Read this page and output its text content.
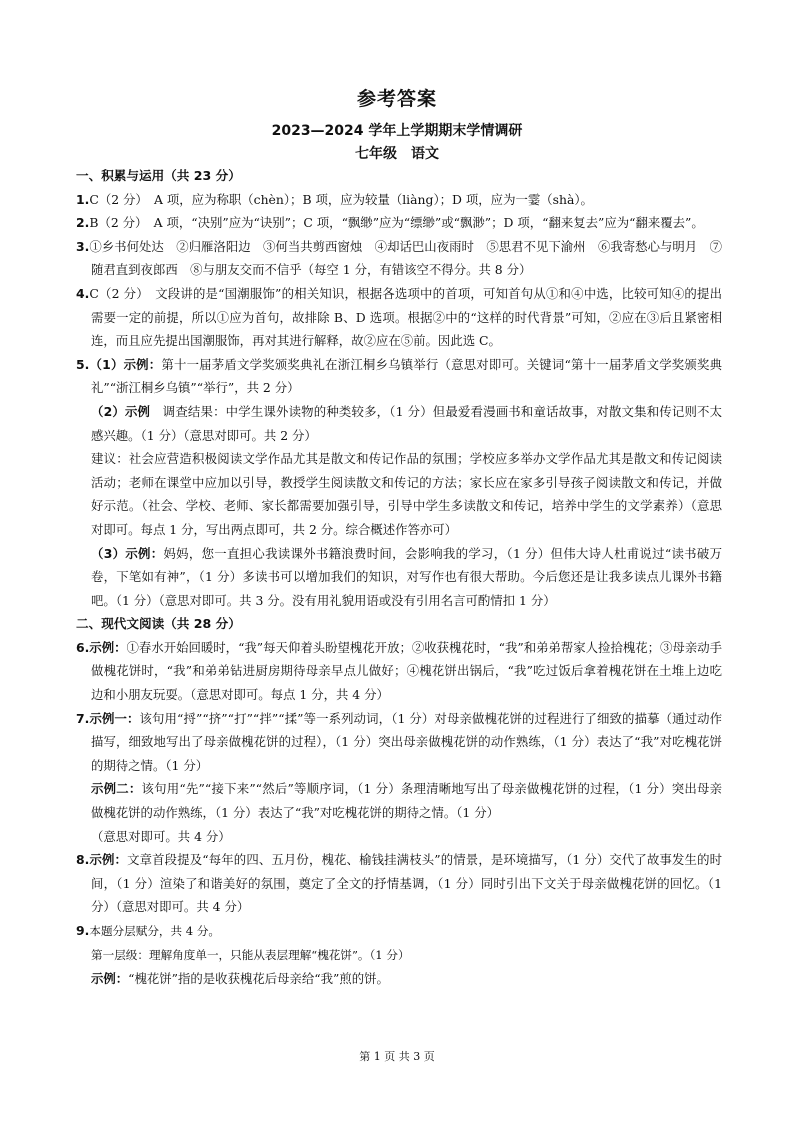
参考答案
2023—2024 学年上学期期末学情调研
七年级　语文

一、积累与运用（共 23 分）

1.C（2 分）　A 项，应为称职（chèn）；B 项，应为较量（liàng）；D 项，应为一霎（shà）。

2.B（2 分）　A 项，“决别”应为“诀别”；C 项，“飘缈”应为“缥缈”或“飘渺”；D 项，“翻来复去”应为“翻来覆去”。

3.①乡书何处达　②归雁洛阳边　③何当共剪西窗烛　④却话巴山夜雨时　⑤思君不见下渝州　⑥我寄愁心与明月　⑦随君直到夜郎西　⑧与朋友交而不信乎（每空 1 分，有错该空不得分。共 8 分）

4.C（2 分）　文段讲的是“国潮服饰”的相关知识，根据各选项中的首项，可知首句从①和④中选，比较可知④的提出需要一定的前提，所以①应为首句，故排除 B、D 选项。根据②中的“这样的时代背景”可知，②应在③后且紧密相连，而且应先提出国潮服饰，再对其进行解释，故②应在⑤前。因此选 C。

5.（1）示例：第十一届茅盾文学奖颁奖典礼在浙江桐乡乌镇举行（意思对即可。关键词“第十一届茅盾文学奖颁奖典礼”“浙江桐乡乌镇”“举行”，共 2 分）

（2）示例　调查结果：中学生课外读物的种类较多，（1 分）但最爱看漫画书和童话故事，对散文集和传记则不太感兴趣。（1 分）（意思对即可。共 2 分）

建议：社会应营造积极阅读文学作品尤其是散文和传记作品的氛围；学校应多举办文学作品尤其是散文和传记阅读活动；老师在课堂中应加以引导，教授学生阅读散文和传记的方法；家长应在家多引导孩子阅读散文和传记，并做好示范。（社会、学校、老师、家长都需要加强引导，引导中学生多读散文和传记，培养中学生的文学素养）（意思对即可。每点 1 分，写出两点即可，共 2 分。综合概述作答亦可）

（3）示例：妈妈，您一直担心我读课外书籍浪费时间，会影响我的学习，（1 分）但伟大诗人杜甫说过“读书破万卷，下笔如有神”，（1 分）多读书可以增加我们的知识，对写作也有很大帮助。今后您还是让我多读点儿课外书籍吧。（1 分）（意思对即可。共 3 分。没有用礼貌用语或没有引用名言可酌情扣 1 分）

二、现代文阅读（共 28 分）

6.示例：①春水开始回暖时，“我”每天仰着头盼望槐花开放；②收获槐花时，“我”和弟弟帮家人捡拾槐花；③母亲动手做槐花饼时，“我”和弟弟钻进厨房期待母亲早点儿做好；④槐花饼出锅后，“我”吃过饭后拿着槐花饼在土堆上边吃边和小朋友玩耍。（意思对即可。每点 1 分，共 4 分）

7.示例一：该句用“捋”“挤”“打”“拌”“揉”等一系列动词，（1 分）对母亲做槐花饼的过程进行了细致的描摹（通过动作描写，细致地写出了母亲做槐花饼的过程），（1 分）突出母亲做槐花饼的动作熟练，（1 分）表达了“我”对吃槐花饼的期待之情。（1 分）

示例二：该句用“先”“接下来”“然后”等顺序词，（1 分）条理清晰地写出了母亲做槐花饼的过程，（1 分）突出母亲做槐花饼的动作熟练，（1 分）表达了“我”对吃槐花饼的期待之情。（1 分）

（意思对即可。共 4 分）

8.示例：文章首段提及“每年的四、五月份，槐花、榆钱挂满枝头”的情景，是环境描写，（1 分）交代了故事发生的时间，（1 分）渲染了和谐美好的氛围，奠定了全文的抒情基调，（1 分）同时引出下文关于母亲做槐花饼的回忆。（1 分）（意思对即可。共 4 分）

9.本题分层赋分，共 4 分。

第一层级：理解角度单一，只能从表层理解“槐花饼”。（1 分）

示例：“槐花饼”指的是收获槐花后母亲给“我”煎的饼。

第 1 页 共 3 页
